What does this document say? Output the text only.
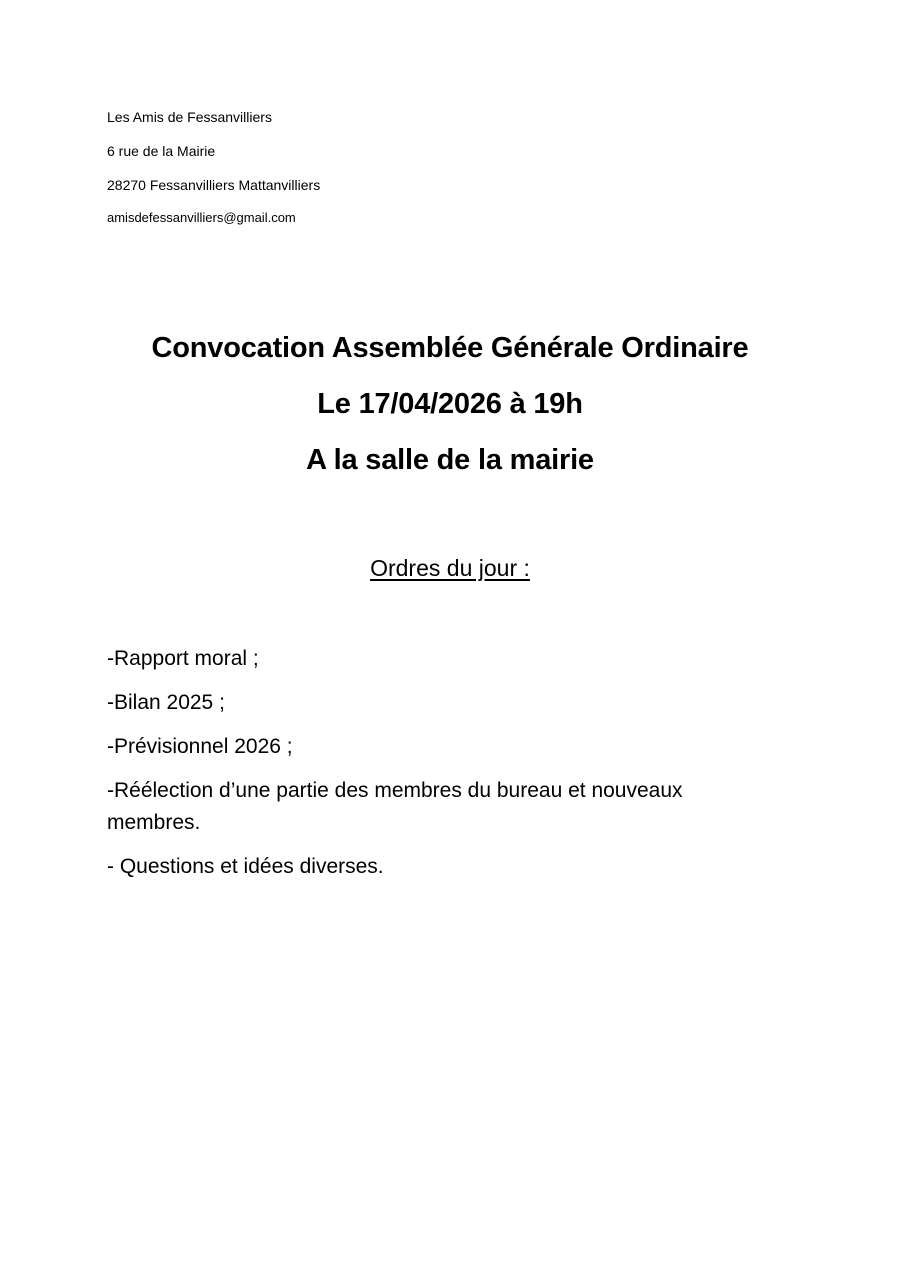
Les Amis de Fessanvilliers
6 rue de la Mairie
28270 Fessanvilliers Mattanvilliers
amisdefessanvilliers@gmail.com
Convocation Assemblée Générale Ordinaire
Le 17/04/2026 à 19h
A la salle de la mairie
Ordres du jour :
-Rapport moral ;
-Bilan 2025 ;
-Prévisionnel 2026 ;
-Réélection d’une partie des membres du bureau et nouveaux membres.
- Questions et idées diverses.
